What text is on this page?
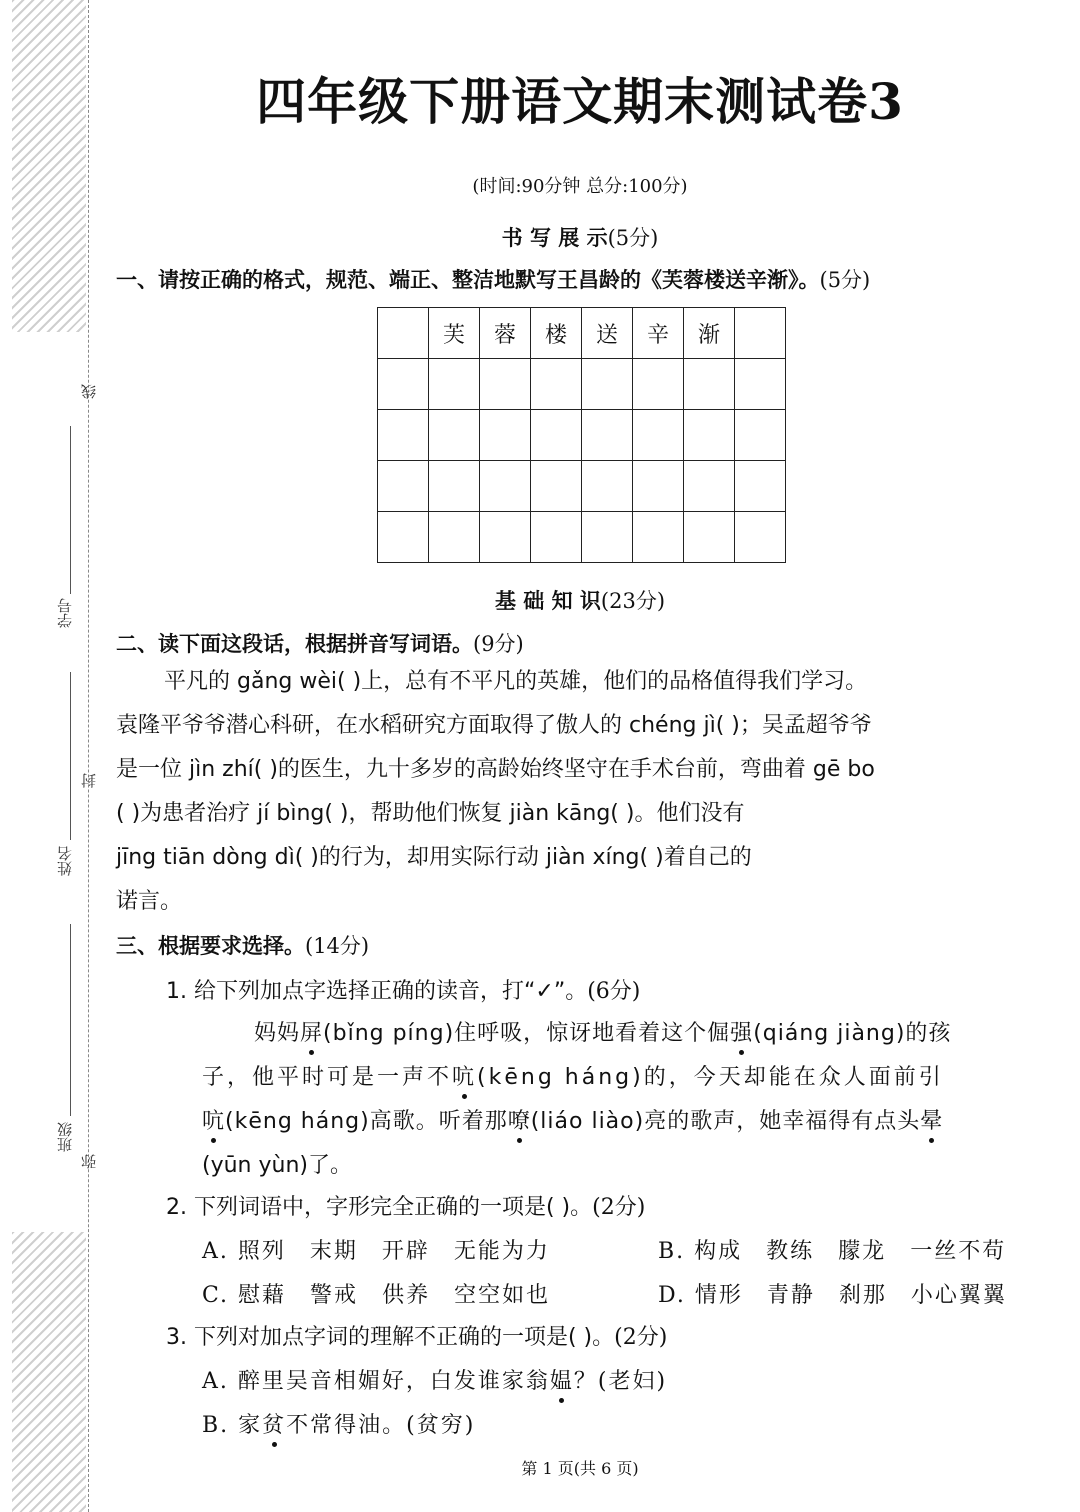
线
封
弥
学号
姓名
班级
四年级下册语文期末测试卷3
(时间:90分钟 总分:100分)
书 写 展 示(5分)
一、请按正确的格式，规范、端正、整洁地默写王昌龄的《芙蓉楼送辛渐》。(5分)
	芙	蓉	楼	送	辛	渐	

基 础 知 识(23分)
二、读下面这段话，根据拼音写词语。(9分)
平凡的 gǎng wèi( )上，总有不平凡的英雄，他们的品格值得我们学习。
袁隆平爷爷潜心科研，在水稻研究方面取得了傲人的 chéng jì( )；吴孟超爷爷
是一位 jìn zhí( )的医生，九十多岁的高龄始终坚守在手术台前，弯曲着 gē bo
( )为患者治疗 jí bìng( )，帮助他们恢复 jiàn kāng( )。他们没有
jīng tiān dòng dì( )的行为，却用实际行动 jiàn xíng( )着自己的
诺言。
三、根据要求选择。(14分)
1. 给下列加点字选择正确的读音，打“✓”。(6分)
妈妈屏(bǐng píng)住呼吸，惊讶地看着这个倔强(qiáng jiàng)的孩
子，他平时可是一声不吭(kēng háng)的，今天却能在众人面前引
吭(kēng háng)高歌。听着那嘹(liáo liào)亮的歌声，她幸福得有点头晕
(yūn yùn)了。
2. 下列词语中，字形完全正确的一项是( )。(2分)
A. 照列 末期 开辟 无能为力	B. 构成 教练 朦龙 一丝不苟
C. 慰藉 警戒 供养 空空如也	D. 情形 青静 刹那 小心翼翼
3. 下列对加点字词的理解不正确的一项是( )。(2分)
A. 醉里吴音相媚好，白发谁家翁媪？(老妇)
B. 家贫不常得油。(贫穷)
第 1 页(共 6 页)
